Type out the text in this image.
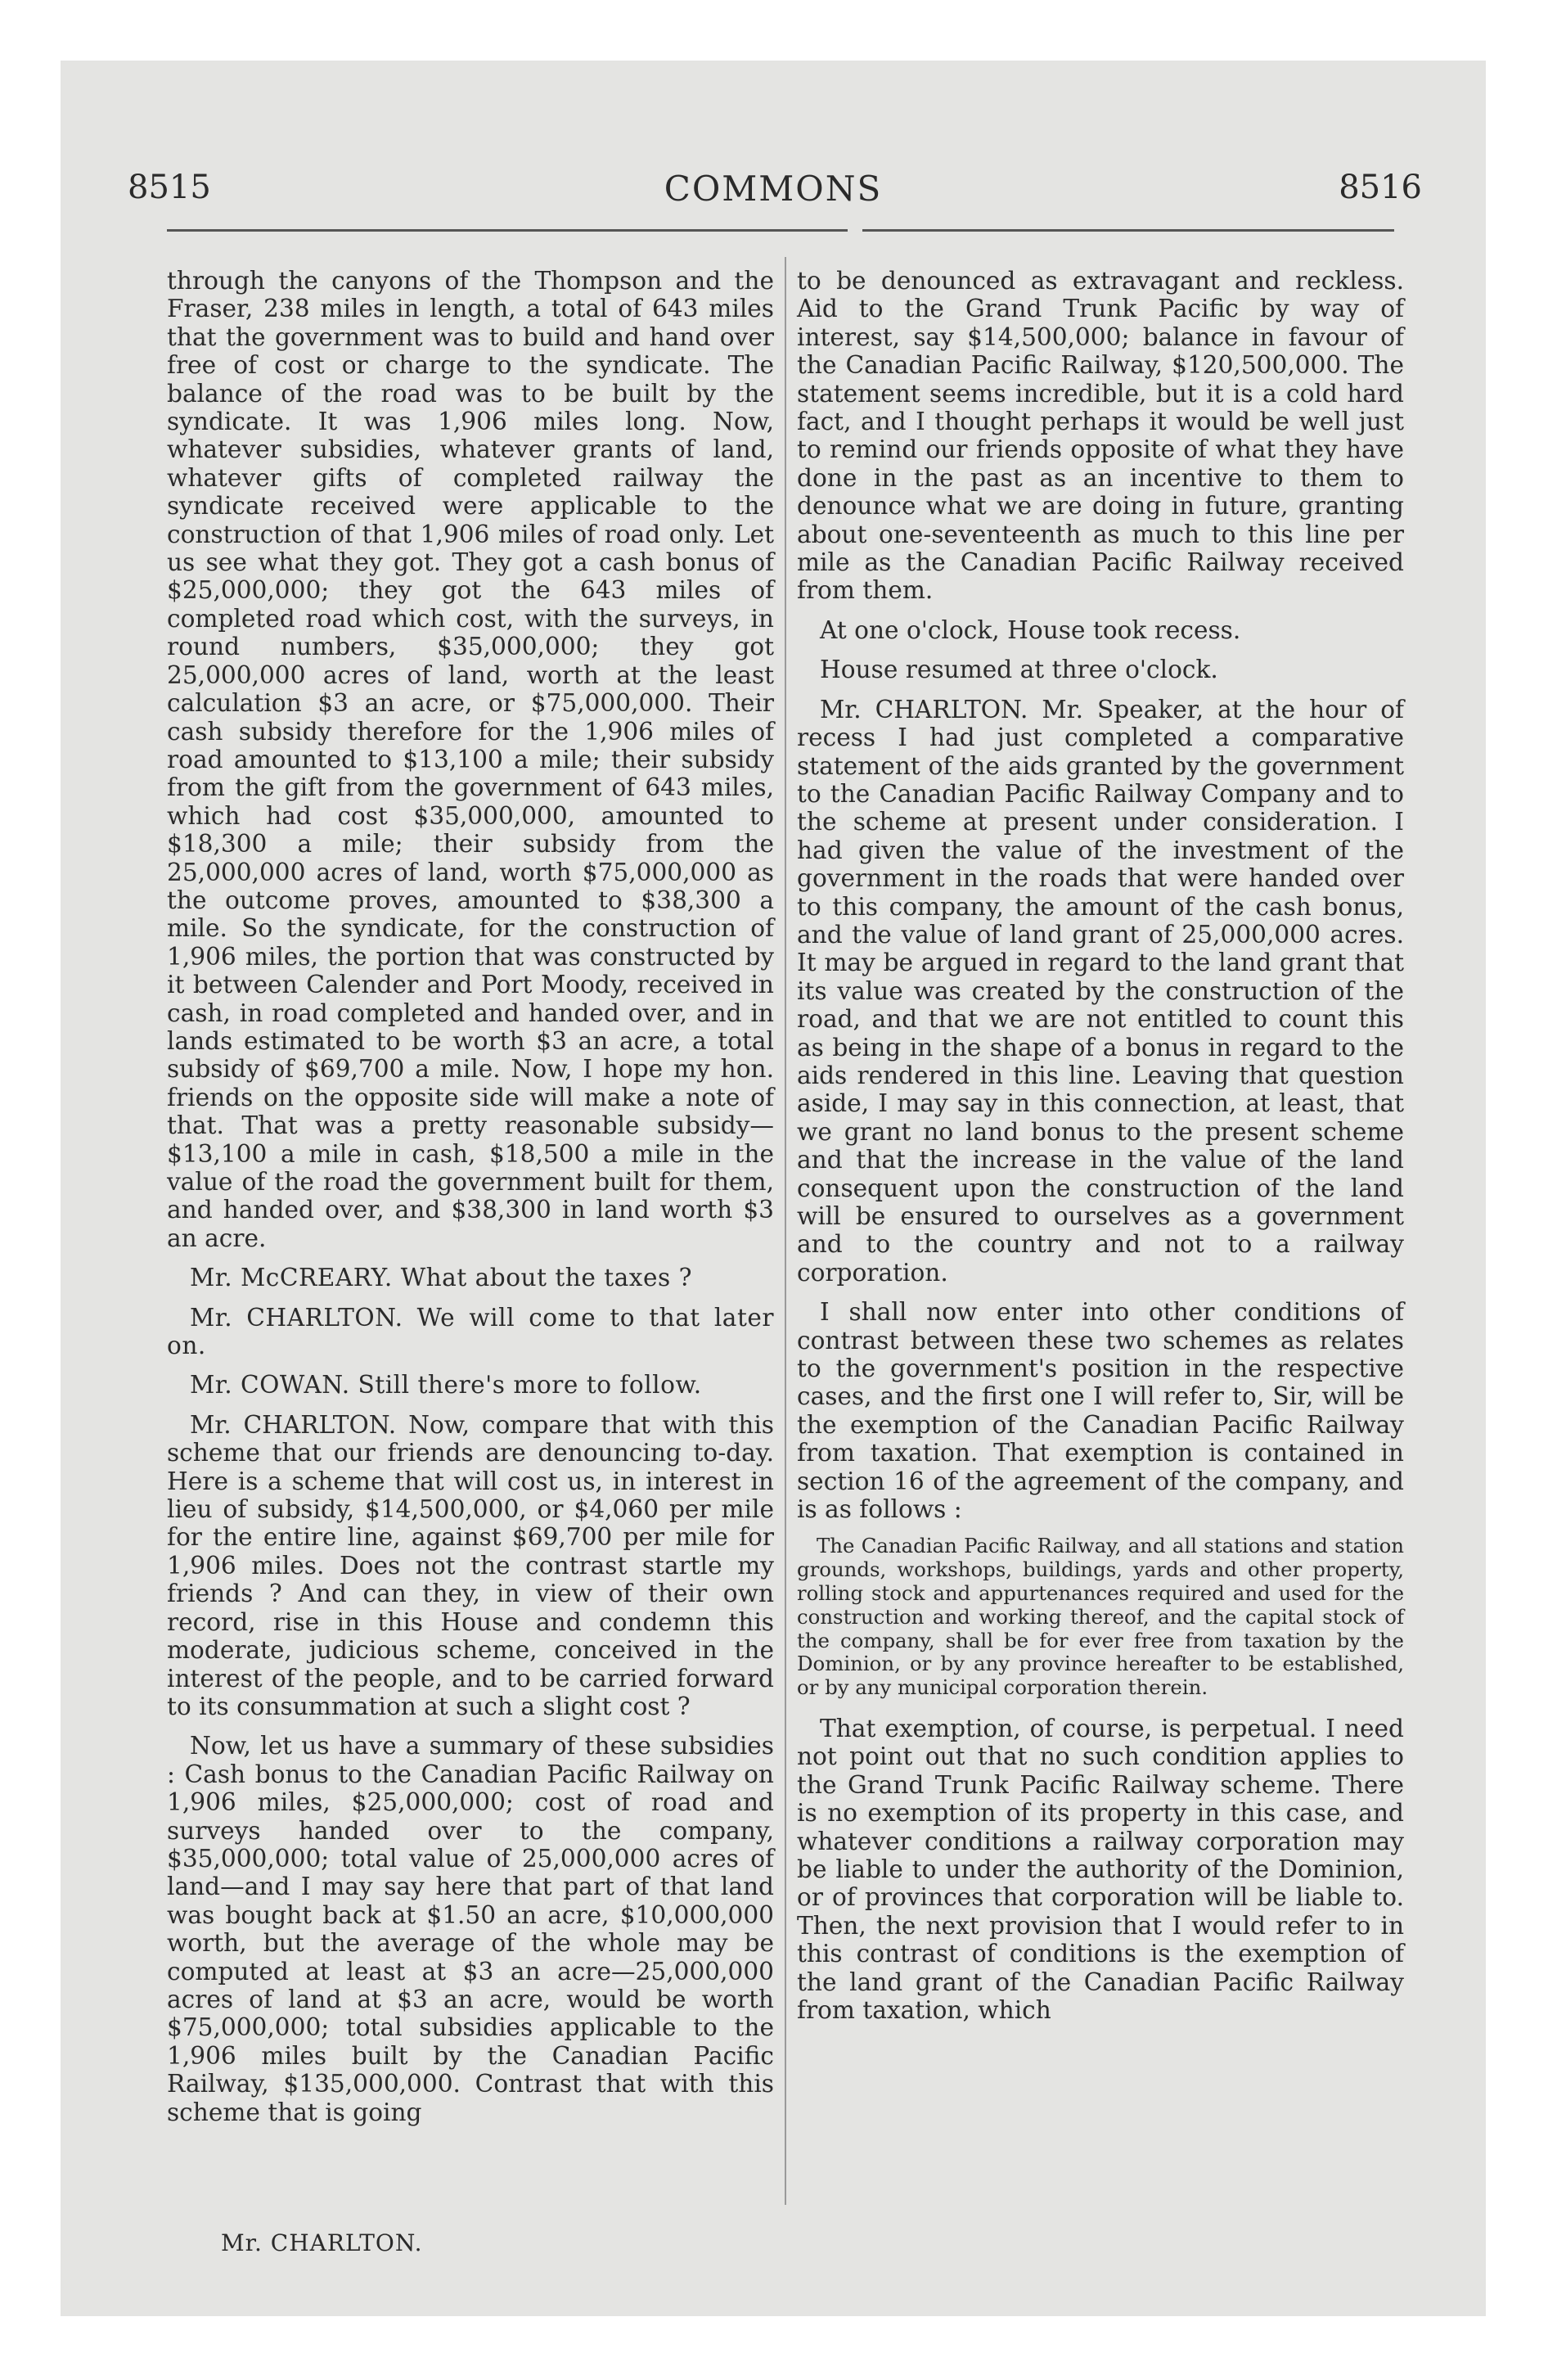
8515	COMMONS	8516

through the canyons of the Thompson and the Fraser, 238 miles in length, a total of 643 miles that the government was to build and hand over free of cost or charge to the syndicate. The balance of the road was to be built by the syndicate. It was 1,906 miles long. Now, whatever subsidies, whatever grants of land, whatever gifts of completed railway the syndicate received were applicable to the construction of that 1,906 miles of road only. Let us see what they got. They got a cash bonus of $25,000,000; they got the 643 miles of completed road which cost, with the surveys, in round numbers, $35,000,000; they got 25,000,000 acres of land, worth at the least calculation $3 an acre, or $75,000,000. Their cash subsidy therefore for the 1,906 miles of road amounted to $13,100 a mile; their subsidy from the gift from the government of 643 miles, which had cost $35,000,000, amounted to $18,300 a mile; their subsidy from the 25,000,000 acres of land, worth $75,000,000 as the outcome proves, amounted to $38,300 a mile. So the syndicate, for the construction of 1,906 miles, the portion that was constructed by it between Calender and Port Moody, received in cash, in road completed and handed over, and in lands estimated to be worth $3 an acre, a total subsidy of $69,700 a mile. Now, I hope my hon. friends on the opposite side will make a note of that. That was a pretty reasonable subsidy—$13,100 a mile in cash, $18,500 a mile in the value of the road the government built for them, and handed over, and $38,300 in land worth $3 an acre.

Mr. McCREARY. What about the taxes ?

Mr. CHARLTON. We will come to that later on.

Mr. COWAN. Still there's more to follow.

Mr. CHARLTON. Now, compare that with this scheme that our friends are denouncing to-day. Here is a scheme that will cost us, in interest in lieu of subsidy, $14,500,000, or $4,060 per mile for the entire line, against $69,700 per mile for 1,906 miles. Does not the contrast startle my friends ? And can they, in view of their own record, rise in this House and condemn this moderate, judicious scheme, conceived in the interest of the people, and to be carried forward to its consummation at such a slight cost ?

Now, let us have a summary of these subsidies : Cash bonus to the Canadian Pacific Railway on 1,906 miles, $25,000,000; cost of road and surveys handed over to the company, $35,000,000; total value of 25,000,000 acres of land—and I may say here that part of that land was bought back at $1.50 an acre, $10,000,000 worth, but the average of the whole may be computed at least at $3 an acre—25,000,000 acres of land at $3 an acre, would be worth $75,000,000; total subsidies applicable to the 1,906 miles built by the Canadian Pacific Railway, $135,000,000. Contrast that with this scheme that is going

to be denounced as extravagant and reckless. Aid to the Grand Trunk Pacific by way of interest, say $14,500,000; balance in favour of the Canadian Pacific Railway, $120,500,000. The statement seems incredible, but it is a cold hard fact, and I thought perhaps it would be well just to remind our friends opposite of what they have done in the past as an incentive to them to denounce what we are doing in future, granting about one-seventeenth as much to this line per mile as the Canadian Pacific Railway received from them.

At one o'clock, House took recess.

House resumed at three o'clock.

Mr. CHARLTON. Mr. Speaker, at the hour of recess I had just completed a comparative statement of the aids granted by the government to the Canadian Pacific Railway Company and to the scheme at present under consideration. I had given the value of the investment of the government in the roads that were handed over to this company, the amount of the cash bonus, and the value of land grant of 25,000,000 acres. It may be argued in regard to the land grant that its value was created by the construction of the road, and that we are not entitled to count this as being in the shape of a bonus in regard to the aids rendered in this line. Leaving that question aside, I may say in this connection, at least, that we grant no land bonus to the present scheme and that the increase in the value of the land consequent upon the construction of the land will be ensured to ourselves as a government and to the country and not to a railway corporation.

I shall now enter into other conditions of contrast between these two schemes as relates to the government's position in the respective cases, and the first one I will refer to, Sir, will be the exemption of the Canadian Pacific Railway from taxation. That exemption is contained in section 16 of the agreement of the company, and is as follows :

The Canadian Pacific Railway, and all stations and station grounds, workshops, buildings, yards and other property, rolling stock and appurtenances required and used for the construction and working thereof, and the capital stock of the company, shall be for ever free from taxation by the Dominion, or by any province hereafter to be established, or by any municipal corporation therein.

That exemption, of course, is perpetual. I need not point out that no such condition applies to the Grand Trunk Pacific Railway scheme. There is no exemption of its property in this case, and whatever conditions a railway corporation may be liable to under the authority of the Dominion, or of provinces that corporation will be liable to. Then, the next provision that I would refer to in this contrast of conditions is the exemption of the land grant of the Canadian Pacific Railway from taxation, which

Mr. CHARLTON.
